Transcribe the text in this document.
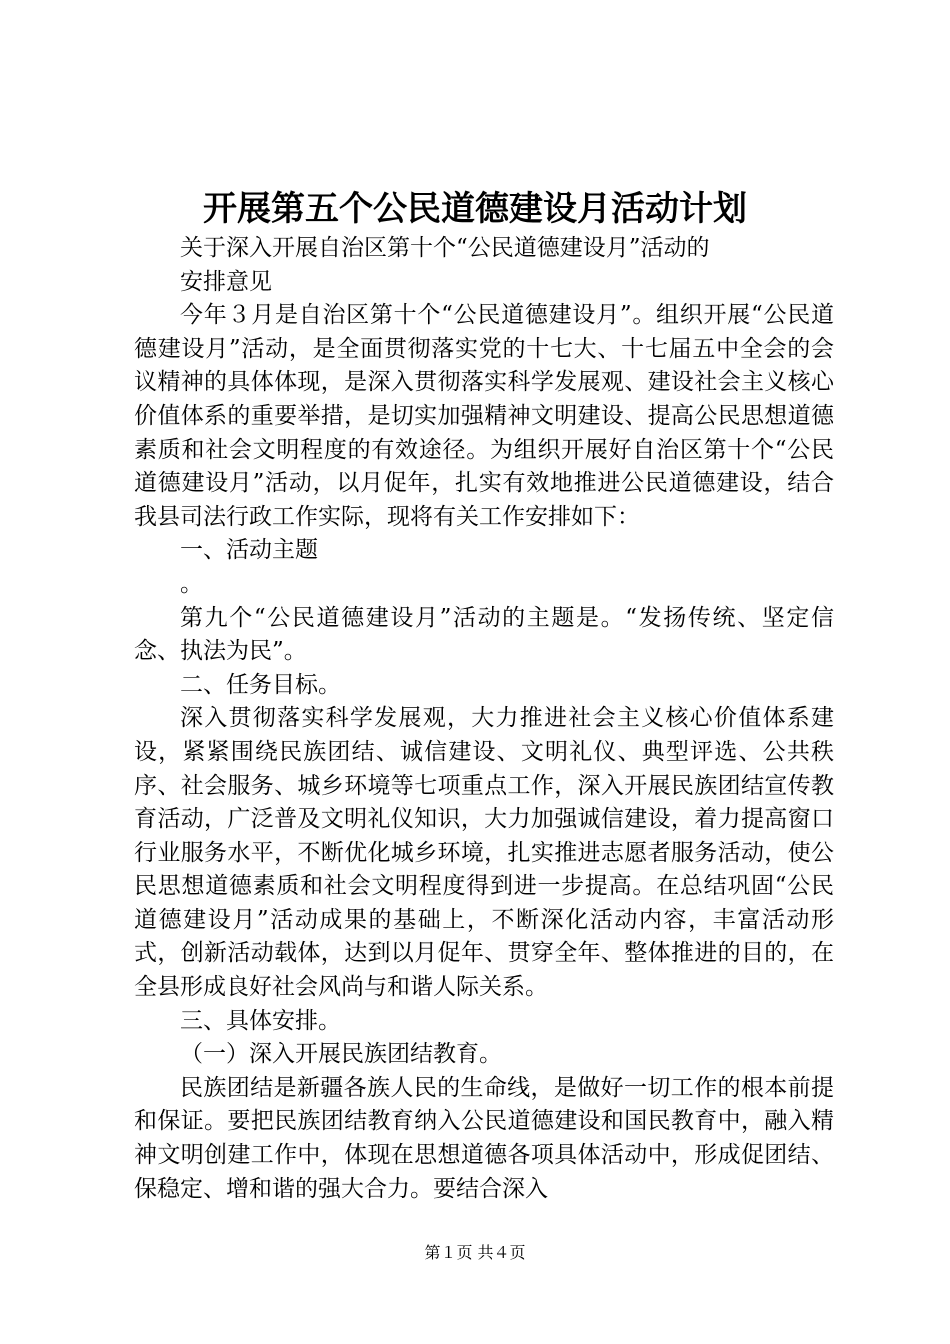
开展第五个公民道德建设月活动计划

关于深入开展自治区第十个“公民道德建设月”活动的

安排意见

今年３月是自治区第十个“公民道德建设月”。组织开展“公民道德建设月”活动，是全面贯彻落实党的十七大、十七届五中全会的会议精神的具体体现，是深入贯彻落实科学发展观、建设社会主义核心价值体系的重要举措，是切实加强精神文明建设、提高公民思想道德素质和社会文明程度的有效途径。为组织开展好自治区第十个“公民道德建设月”活动，以月促年，扎实有效地推进公民道德建设，结合我县司法行政工作实际，现将有关工作安排如下：

一、活动主题

。

第九个“公民道德建设月”活动的主题是。“发扬传统、坚定信念、执法为民”。

二、任务目标。

深入贯彻落实科学发展观，大力推进社会主义核心价值体系建设，紧紧围绕民族团结、诚信建设、文明礼仪、典型评选、公共秩序、社会服务、城乡环境等七项重点工作，深入开展民族团结宣传教育活动，广泛普及文明礼仪知识，大力加强诚信建设，着力提高窗口行业服务水平，不断优化城乡环境，扎实推进志愿者服务活动，使公民思想道德素质和社会文明程度得到进一步提高。在总结巩固“公民道德建设月”活动成果的基础上，不断深化活动内容，丰富活动形式，创新活动载体，达到以月促年、贯穿全年、整体推进的目的，在全县形成良好社会风尚与和谐人际关系。

三、具体安排。

（一）深入开展民族团结教育。

民族团结是新疆各族人民的生命线，是做好一切工作的根本前提和保证。要把民族团结教育纳入公民道德建设和国民教育中，融入精神文明创建工作中，体现在思想道德各项具体活动中，形成促团结、保稳定、增和谐的强大合力。要结合深入

第１页 共４页
